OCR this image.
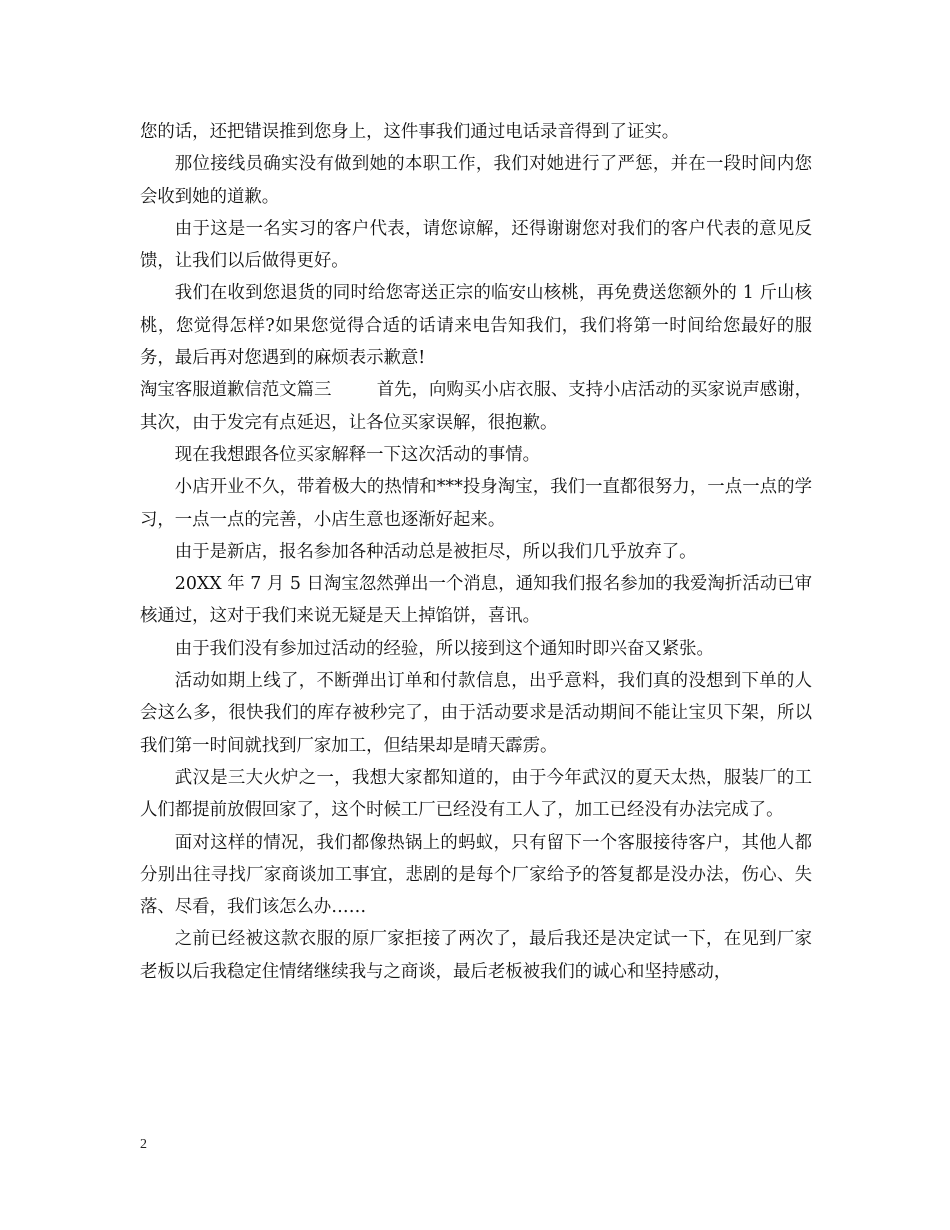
您的话，还把错误推到您身上，这件事我们通过电话录音得到了证实。

那位接线员确实没有做到她的本职工作，我们对她进行了严惩，并在一段时间内您会收到她的道歉。

由于这是一名实习的客户代表，请您谅解，还得谢谢您对我们的客户代表的意见反馈，让我们以后做得更好。

我们在收到您退货的同时给您寄送正宗的临安山核桃，再免费送您额外的 1 斤山核桃，您觉得怎样?如果您觉得合适的话请来电告知我们，我们将第一时间给您最好的服务，最后再对您遇到的麻烦表示歉意!

淘宝客服道歉信范文篇三	首先，向购买小店衣服、支持小店活动的买家说声感谢，其次，由于发完有点延迟，让各位买家误解，很抱歉。

现在我想跟各位买家解释一下这次活动的事情。

小店开业不久，带着极大的热情和***投身淘宝，我们一直都很努力，一点一点的学习，一点一点的完善，小店生意也逐渐好起来。

由于是新店，报名参加各种活动总是被拒尽，所以我们几乎放弃了。

20XX 年 7 月 5 日淘宝忽然弹出一个消息，通知我们报名参加的我爱淘折活动已审核通过，这对于我们来说无疑是天上掉馅饼，喜讯。

由于我们没有参加过活动的经验，所以接到这个通知时即兴奋又紧张。

活动如期上线了，不断弹出订单和付款信息，出乎意料，我们真的没想到下单的人会这么多，很快我们的库存被秒完了，由于活动要求是活动期间不能让宝贝下架，所以我们第一时间就找到厂家加工，但结果却是晴天霹雳。

武汉是三大火炉之一，我想大家都知道的，由于今年武汉的夏天太热，服装厂的工人们都提前放假回家了，这个时候工厂已经没有工人了，加工已经没有办法完成了。

面对这样的情况，我们都像热锅上的蚂蚁，只有留下一个客服接待客户，其他人都分别出往寻找厂家商谈加工事宜，悲剧的是每个厂家给予的答复都是没办法，伤心、失落、尽看，我们该怎么办……

之前已经被这款衣服的原厂家拒接了两次了，最后我还是决定试一下，在见到厂家老板以后我稳定住情绪继续我与之商谈，最后老板被我们的诚心和坚持感动，

2
